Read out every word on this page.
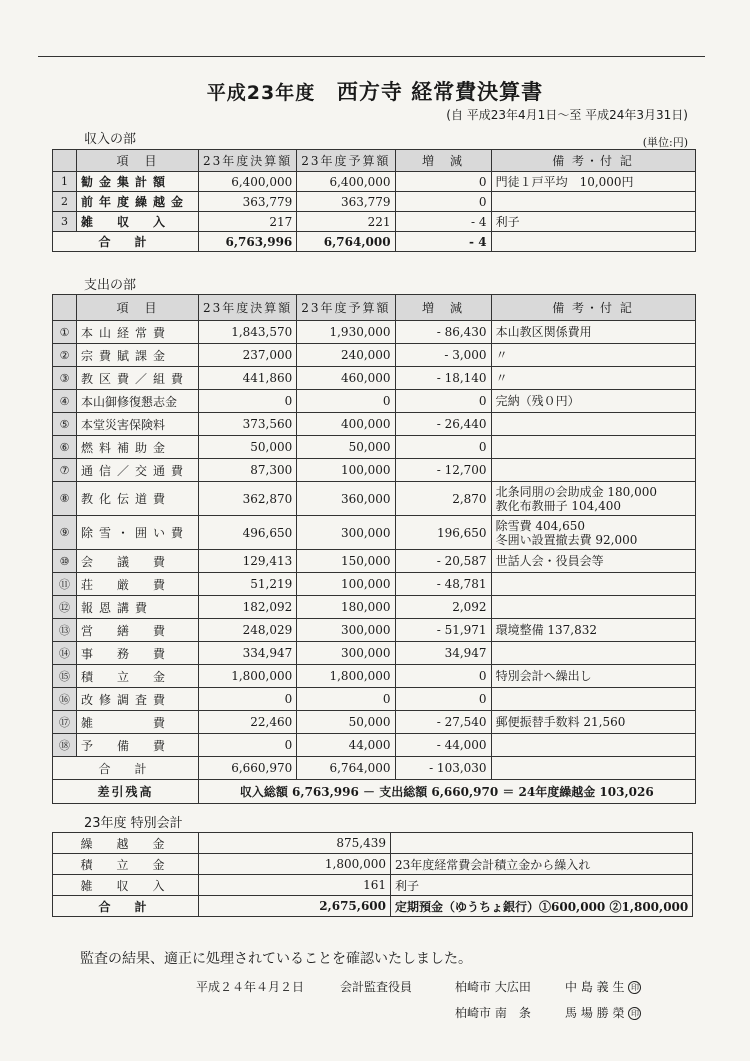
平成23年度 西方寺 経常費決算書
(自 平成23年4月1日～至 平成24年3月31日)
収入の部	(単位:円)
	項　目	23年度決算額	23年度予算額	増　減	備 考・付 記
1	勧金集計額	6,400,000	6,400,000	0	門徒１戸平均　10,000円
2	前年度繰越金	363,779	363,779	0	
3	雑　収　入	217	221	- 4	利子
合　計		6,763,996	6,764,000	- 4	
支出の部
	項　目	23年度決算額	23年度予算額	増　減	備 考・付 記
①	本山経常費	1,843,570	1,930,000	- 86,430	本山教区関係費用
②	宗費賦課金	237,000	240,000	- 3,000	〃
③	教区費／組費	441,860	460,000	- 18,140	〃
④	本山御修復懇志金	0	0	0	完納（残０円）
⑤	本堂災害保険料	373,560	400,000	- 26,440	
⑥	燃料補助金	50,000	50,000	0	
⑦	通信／交通費	87,300	100,000	- 12,700	
⑧	教化伝道費	362,870	360,000	2,870	北条同朋の会助成金 180,000
教化布教冊子 104,400
⑨	除雪・囲い費	496,650	300,000	196,650	除雪費 404,650
冬囲い設置撤去費 92,000
⑩	会　議　費	129,413	150,000	- 20,587	世話人会・役員会等
⑪	荘　厳　費	51,219	100,000	- 48,781	
⑫	報恩講費	182,092	180,000	2,092	
⑬	営　繕　費	248,029	300,000	- 51,971	環境整備 137,832
⑭	事　務　費	334,947	300,000	34,947	
⑮	積　立　金	1,800,000	1,800,000	0	特別会計へ繰出し
⑯	改修調査費	0	0	0	
⑰	雑　　　費	22,460	50,000	- 27,540	郵便振替手数料 21,560
⑱	予　備　費	0	44,000	- 44,000	
合　計		6,660,970	6,764,000	- 103,030	
差引残高		収入総額 6,763,996 － 支出総額 6,660,970 ＝ 24年度繰越金 103,026			
23年度 特別会計
繰　越　金	875,439	
積　立　金	1,800,000	23年度経常費会計積立金から繰入れ
雑　収　入	161	利子
合　計	2,675,600	定期預金（ゆうちょ銀行）①600,000 ②1,800,000
監査の結果、適正に処理されていることを確認いたしました。
平成２４年４月２日	会計監査役員	柏崎市 大広田	中 島 義 生 印
柏崎市 南　条	馬 場 勝 榮 印
